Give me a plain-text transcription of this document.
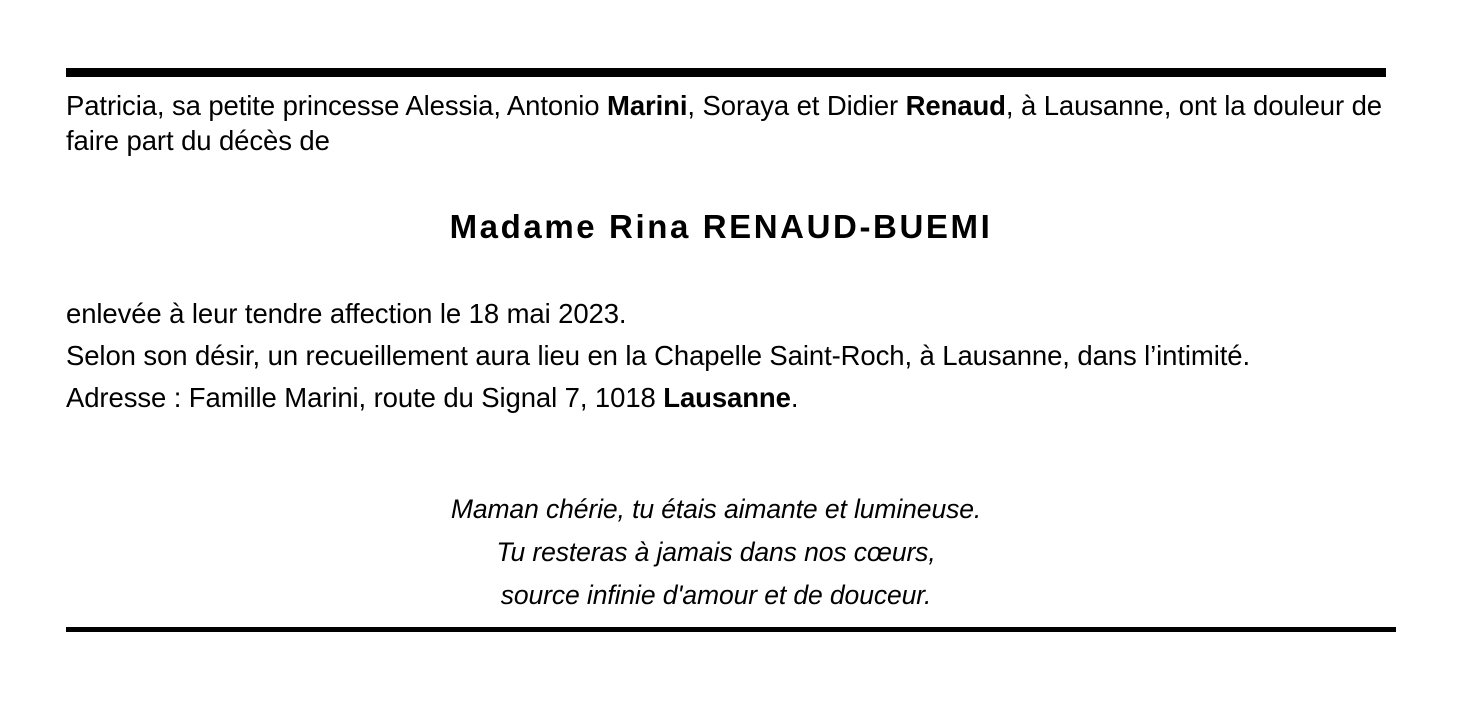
Patricia, sa petite princesse Alessia, Antonio Marini, Soraya et Didier Renaud, à Lausanne, ont la douleur de faire part du décès de

Madame Rina RENAUD-BUEMI

enlevée à leur tendre affection le 18 mai 2023.

Selon son désir, un recueillement aura lieu en la Chapelle Saint-Roch, à Lausanne, dans l’intimité.

Adresse : Famille Marini, route du Signal 7, 1018 Lausanne.

Maman chérie, tu étais aimante et lumineuse.

Tu resteras à jamais dans nos cœurs,

source infinie d'amour et de douceur.
